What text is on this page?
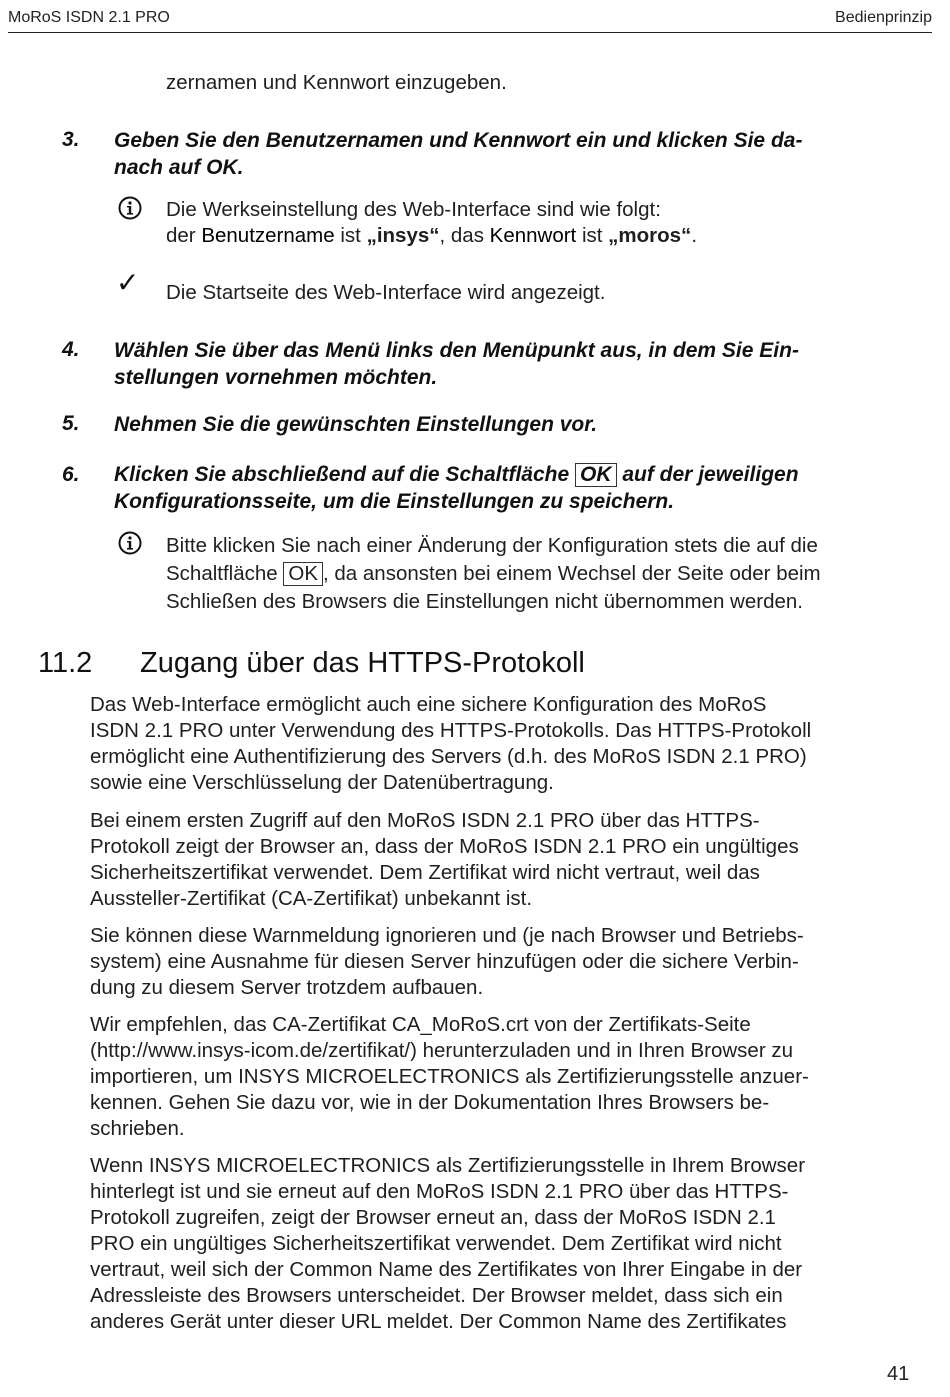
MoRoS ISDN 2.1 PRO	Bedienprinzip
zernamen und Kennwort einzugeben.
3. Geben Sie den Benutzernamen und Kennwort ein und klicken Sie da-
nach auf OK.
Die Werkseinstellung des Web-Interface sind wie folgt:
der Benutzername ist „insys“, das Kennwort ist „moros“.
✓ Die Startseite des Web-Interface wird angezeigt.
4. Wählen Sie über das Menü links den Menüpunkt aus, in dem Sie Ein-
stellungen vornehmen möchten.
5. Nehmen Sie die gewünschten Einstellungen vor.
6. Klicken Sie abschließend auf die Schaltfläche OK auf der jeweiligen
Konfigurationsseite, um die Einstellungen zu speichern.
Bitte klicken Sie nach einer Änderung der Konfiguration stets die auf die
Schaltfläche OK , da ansonsten bei einem Wechsel der Seite oder beim
Schließen des Browsers die Einstellungen nicht übernommen werden.
11.2 Zugang über das HTTPS-Protokoll
Das Web-Interface ermöglicht auch eine sichere Konfiguration des MoRoS
ISDN 2.1 PRO unter Verwendung des HTTPS-Protokolls. Das HTTPS-Protokoll
ermöglicht eine Authentifizierung des Servers (d.h. des MoRoS ISDN 2.1 PRO)
sowie eine Verschlüsselung der Datenübertragung.
Bei einem ersten Zugriff auf den MoRoS ISDN 2.1 PRO über das HTTPS-
Protokoll zeigt der Browser an, dass der MoRoS ISDN 2.1 PRO ein ungültiges
Sicherheitszertifikat verwendet. Dem Zertifikat wird nicht vertraut, weil das
Aussteller-Zertifikat (CA-Zertifikat) unbekannt ist.
Sie können diese Warnmeldung ignorieren und (je nach Browser und Betriebs-
system) eine Ausnahme für diesen Server hinzufügen oder die sichere Verbin-
dung zu diesem Server trotzdem aufbauen.
Wir empfehlen, das CA-Zertifikat CA_MoRoS.crt von der Zertifikats-Seite
(http://www.insys-icom.de/zertifikat/) herunterzuladen und in Ihren Browser zu
importieren, um INSYS MICROELECTRONICS als Zertifizierungsstelle anzuer-
kennen. Gehen Sie dazu vor, wie in der Dokumentation Ihres Browsers be-
schrieben.
Wenn INSYS MICROELECTRONICS als Zertifizierungsstelle in Ihrem Browser
hinterlegt ist und sie erneut auf den MoRoS ISDN 2.1 PRO über das HTTPS-
Protokoll zugreifen, zeigt der Browser erneut an, dass der MoRoS ISDN 2.1
PRO ein ungültiges Sicherheitszertifikat verwendet. Dem Zertifikat wird nicht
vertraut, weil sich der Common Name des Zertifikates von Ihrer Eingabe in der
Adressleiste des Browsers unterscheidet. Der Browser meldet, dass sich ein
anderes Gerät unter dieser URL meldet. Der Common Name des Zertifikates
41
